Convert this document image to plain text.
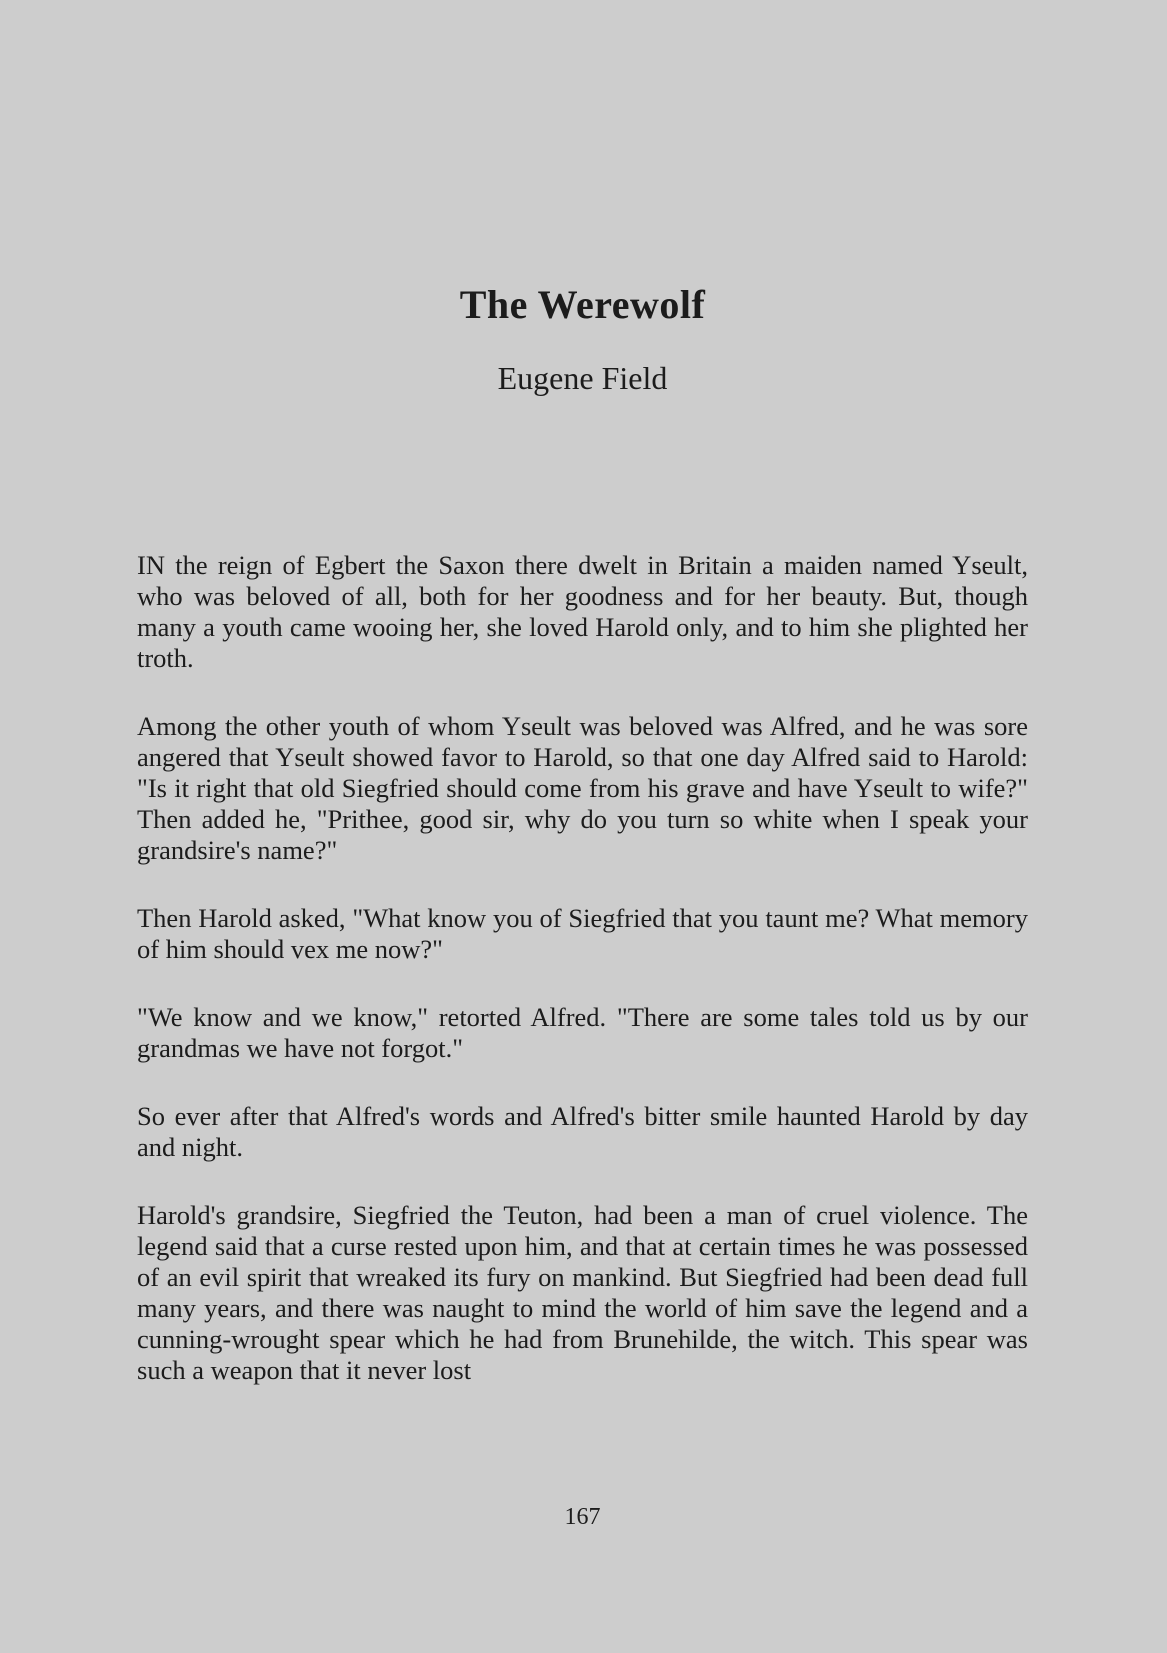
The Werewolf
Eugene Field

IN the reign of Egbert the Saxon there dwelt in Britain a maiden named Yseult, who was beloved of all, both for her goodness and for her beauty. But, though many a youth came wooing her, she loved Harold only, and to him she plighted her troth.

Among the other youth of whom Yseult was beloved was Alfred, and he was sore angered that Yseult showed favor to Harold, so that one day Alfred said to Harold: "Is it right that old Siegfried should come from his grave and have Yseult to wife?" Then added he, "Prithee, good sir, why do you turn so white when I speak your grandsire's name?"

Then Harold asked, "What know you of Siegfried that you taunt me? What memory of him should vex me now?"

"We know and we know," retorted Alfred. "There are some tales told us by our grandmas we have not forgot."

So ever after that Alfred's words and Alfred's bitter smile haunted Harold by day and night.

Harold's grandsire, Siegfried the Teuton, had been a man of cruel violence. The legend said that a curse rested upon him, and that at certain times he was possessed of an evil spirit that wreaked its fury on mankind. But Siegfried had been dead full many years, and there was naught to mind the world of him save the legend and a cunning-wrought spear which he had from Brunehilde, the witch. This spear was such a weapon that it never lost

167
